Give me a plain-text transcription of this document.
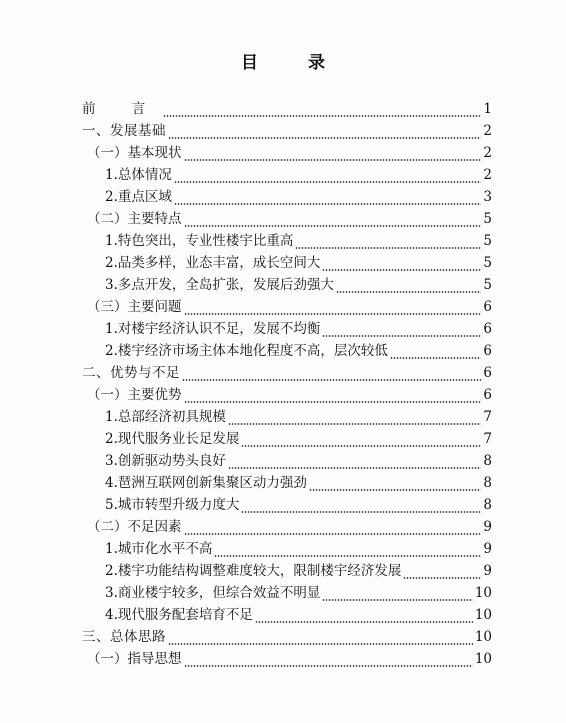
目 录
前 言	1
一、发展基础	2
（一）基本现状	2
1.总体情况	2
2.重点区域	3
（二）主要特点	5
1.特色突出，专业性楼宇比重高	5
2.品类多样，业态丰富，成长空间大	5
3.多点开发，全岛扩张，发展后劲强大	5
（三）主要问题	6
1.对楼宇经济认识不足，发展不均衡	6
2.楼宇经济市场主体本地化程度不高，层次较低	6
二、优势与不足	6
（一）主要优势	6
1.总部经济初具规模	7
2.现代服务业长足发展	7
3.创新驱动势头良好	8
4.琶洲互联网创新集聚区动力强劲	8
5.城市转型升级力度大	8
（二）不足因素	9
1.城市化水平不高	9
2.楼宇功能结构调整难度较大，限制楼宇经济发展	9
3.商业楼宇较多，但综合效益不明显	10
4.现代服务配套培育不足	10
三、总体思路	10
（一）指导思想	10
